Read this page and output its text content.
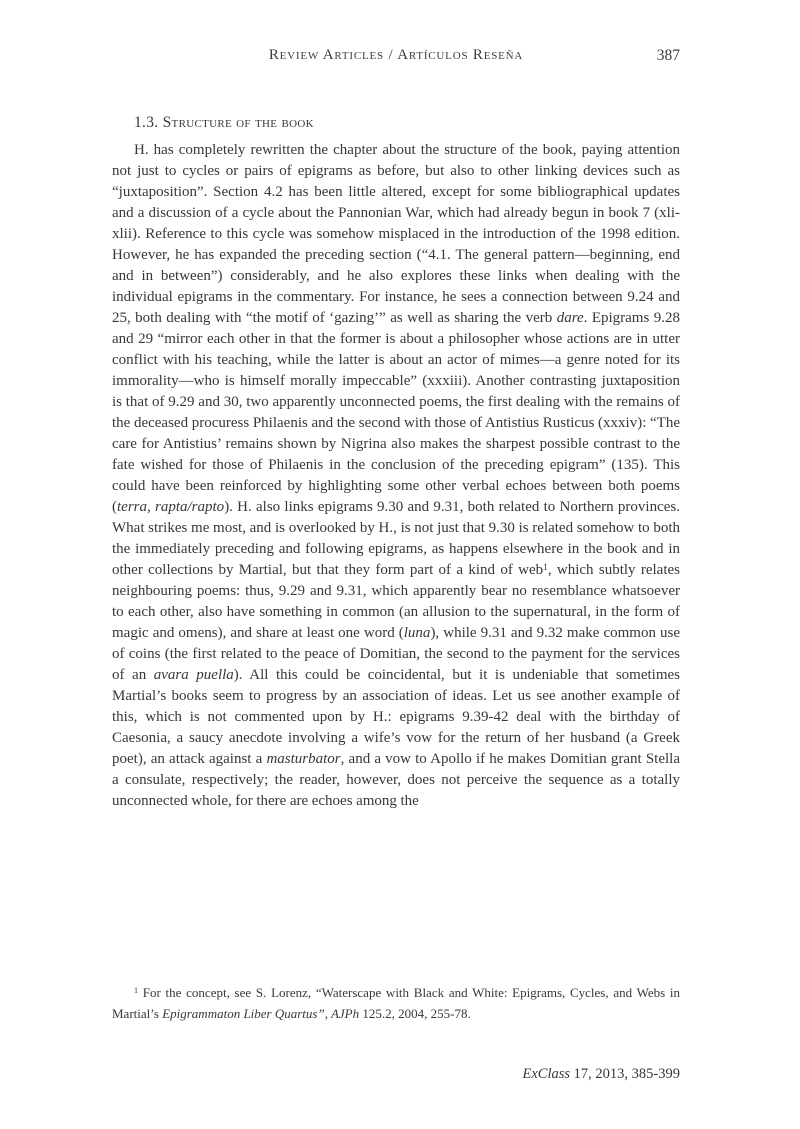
Review Articles / Artículos Reseña	387
1.3. Structure of the book
H. has completely rewritten the chapter about the structure of the book, paying attention not just to cycles or pairs of epigrams as before, but also to other linking devices such as “juxtaposition”. Section 4.2 has been little altered, except for some bibliographical updates and a discussion of a cycle about the Pannonian War, which had already begun in book 7 (xli-xlii). Reference to this cycle was somehow misplaced in the introduction of the 1998 edition. However, he has expanded the preceding section (“4.1. The general pattern—beginning, end and in between”) considerably, and he also explores these links when dealing with the individual epigrams in the commentary. For instance, he sees a connection between 9.24 and 25, both dealing with “the motif of ‘gazing’” as well as sharing the verb dare. Epigrams 9.28 and 29 “mirror each other in that the former is about a philosopher whose actions are in utter conflict with his teaching, while the latter is about an actor of mimes—a genre noted for its immorality—who is himself morally impeccable” (xxxiii). Another contrasting juxtaposition is that of 9.29 and 30, two apparently unconnected poems, the first dealing with the remains of the deceased procuress Philaenis and the second with those of Antistius Rusticus (xxxiv): “The care for Antistius’ remains shown by Nigrina also makes the sharpest possible contrast to the fate wished for those of Philaenis in the conclusion of the preceding epigram” (135). This could have been reinforced by highlighting some other verbal echoes between both poems (terra, rapta/rapto). H. also links epigrams 9.30 and 9.31, both related to Northern provinces. What strikes me most, and is overlooked by H., is not just that 9.30 is related somehow to both the immediately preceding and following epigrams, as happens elsewhere in the book and in other collections by Martial, but that they form part of a kind of web$^1$, which subtly relates neighbouring poems: thus, 9.29 and 9.31, which apparently bear no resemblance whatsoever to each other, also have something in common (an allusion to the supernatural, in the form of magic and omens), and share at least one word (luna), while 9.31 and 9.32 make common use of coins (the first related to the peace of Domitian, the second to the payment for the services of an avara puella). All this could be coincidental, but it is undeniable that sometimes Martial’s books seem to progress by an association of ideas. Let us see another example of this, which is not commented upon by H.: epigrams 9.39-42 deal with the birthday of Caesonia, a saucy anecdote involving a wife’s vow for the return of her husband (a Greek poet), an attack against a masturbator, and a vow to Apollo if he makes Domitian grant Stella a consulate, respectively; the reader, however, does not perceive the sequence as a totally unconnected whole, for there are echoes among the
$^1$ For the concept, see S. Lorenz, “Waterscape with Black and White: Epigrams, Cycles, and Webs in Martial’s Epigrammaton Liber Quartus”, AJPh 125.2, 2004, 255-78.
ExClass 17, 2013, 385-399
